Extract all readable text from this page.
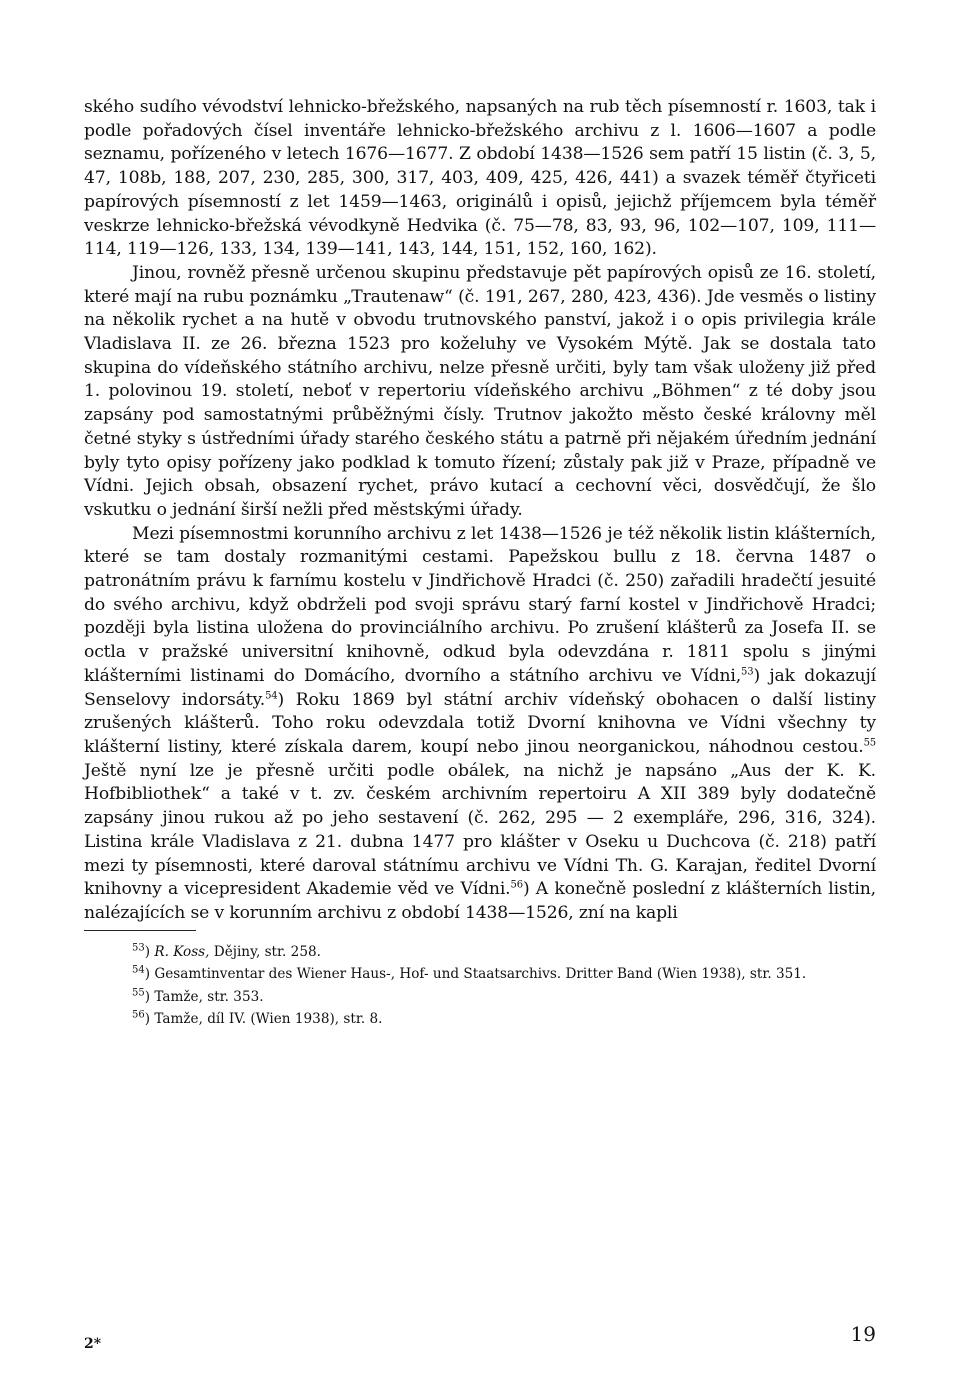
ského sudího vévodství lehnicko-břežského, napsaných na rub těch písemností r. 1603, tak i podle pořadových čísel inventáře lehnicko-břežského archivu z l. 1606—1607 a podle seznamu, pořízeného v letech 1676—1677. Z období 1438—1526 sem patří 15 listin (č. 3, 5, 47, 108b, 188, 207, 230, 285, 300, 317, 403, 409, 425, 426, 441) a svazek téměř čtyřiceti papírových písemností z let 1459—1463, originálů i opisů, jejichž příjemcem byla téměř veskrze lehnicko-břežská vévodkyně Hedvika (č. 75—78, 83, 93, 96, 102—107, 109, 111—114, 119—126, 133, 134, 139—141, 143, 144, 151, 152, 160, 162).

Jinou, rovněž přesně určenou skupinu představuje pět papírových opisů ze 16. století, které mají na rubu poznámku „Trautenaw“ (č. 191, 267, 280, 423, 436). Jde vesměs o listiny na několik rychet a na hutě v obvodu trutnovského panství, jakož i o opis privilegia krále Vladislava II. ze 26. března 1523 pro koželuhy ve Vysokém Mýtě. Jak se dostala tato skupina do vídeňského státního archivu, nelze přesně určiti, byly tam však uloženy již před 1. polovinou 19. století, neboť v repertoriu vídeňského archivu „Böhmen“ z té doby jsou zapsány pod samostatnými průběžnými čísly. Trutnov jakožto město české královny měl četné styky s ústředními úřady starého českého státu a patrně při nějakém úředním jednání byly tyto opisy pořízeny jako podklad k tomuto řízení; zůstaly pak již v Praze, případně ve Vídni. Jejich obsah, obsazení rychet, právo kutací a cechovní věci, dosvědčují, že šlo vskutku o jednání širší nežli před městskými úřady.

Mezi písemnostmi korunního archivu z let 1438—1526 je též několik listin klášterních, které se tam dostaly rozmanitými cestami. Papežskou bullu z 18. června 1487 o patronátním právu k farnímu kostelu v Jindřichově Hradci (č. 250) zařadili hradečtí jesuité do svého archivu, když obdrželi pod svoji správu starý farní kostel v Jindřichově Hradci; později byla listina uložena do provinciálního archivu. Po zrušení klášterů za Josefa II. se octla v pražské universitní knihovně, odkud byla odevzdána r. 1811 spolu s jinými klášterními listinami do Domácího, dvorního a státního archivu ve Vídni,$^{53}$) jak dokazují Senselovy indorsáty.$^{54}$) Roku 1869 byl státní archiv vídeňský obohacen o další listiny zrušených klášterů. Toho roku odevzdala totiž Dvorní knihovna ve Vídni všechny ty klášterní listiny, které získala darem, koupí nebo jinou neorganickou, náhodnou cestou.$^{55}$ Ještě nyní lze je přesně určiti podle obálek, na nichž je napsáno „Aus der K. K. Hofbibliothek“ a také v t. zv. českém archivním repertoiru A XII 389 byly dodatečně zapsány jinou rukou až po jeho sestavení (č. 262, 295 — 2 exempláře, 296, 316, 324). Listina krále Vladislava z 21. dubna 1477 pro klášter v Oseku u Duchcova (č. 218) patří mezi ty písemnosti, které daroval státnímu archivu ve Vídni Th. G. Karajan, ředitel Dvorní knihovny a vicepresident Akademie věd ve Vídni.$^{56}$) A konečně poslední z klášterních listin, nalézajících se v korunním archivu z období 1438—1526, zní na kapli

$^{53}$) R. Koss, Dějiny, str. 258.

$^{54}$) Gesamtinventar des Wiener Haus-, Hof- und Staatsarchivs. Dritter Band (Wien 1938), str. 351.

$^{55}$) Tamže, str. 353.

$^{56}$) Tamže, díl IV. (Wien 1938), str. 8.

2*	19
